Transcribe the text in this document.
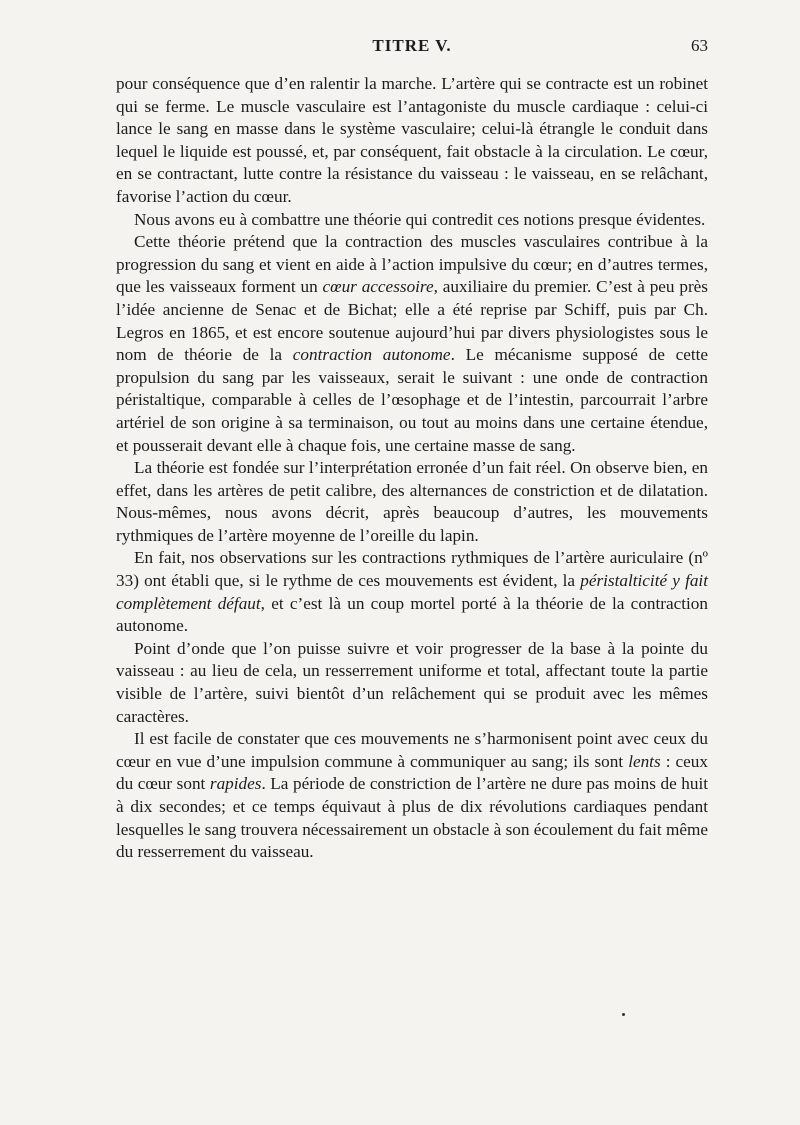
TITRE V.	63

pour conséquence que d’en ralentir la marche. L’artère qui se contracte est un robinet qui se ferme. Le muscle vasculaire est l’antagoniste du muscle cardiaque : celui-ci lance le sang en masse dans le système vasculaire; celui-là étrangle le conduit dans lequel le liquide est poussé, et, par conséquent, fait obstacle à la circulation. Le cœur, en se contractant, lutte contre la résistance du vaisseau : le vaisseau, en se relâchant, favorise l’action du cœur.

Nous avons eu à combattre une théorie qui contredit ces notions presque évidentes.

Cette théorie prétend que la contraction des muscles vasculaires contribue à la progression du sang et vient en aide à l’action impulsive du cœur; en d’autres termes, que les vaisseaux forment un cœur accessoire, auxiliaire du premier. C’est à peu près l’idée ancienne de Senac et de Bichat; elle a été reprise par Schiff, puis par Ch. Legros en 1865, et est encore soutenue aujourd’hui par divers physiologistes sous le nom de théorie de la contraction autonome. Le mécanisme supposé de cette propulsion du sang par les vaisseaux, serait le suivant : une onde de contraction péristaltique, comparable à celles de l’œsophage et de l’intestin, parcourrait l’arbre artériel de son origine à sa terminaison, ou tout au moins dans une certaine étendue, et pousserait devant elle à chaque fois, une certaine masse de sang.

La théorie est fondée sur l’interprétation erronée d’un fait réel. On observe bien, en effet, dans les artères de petit calibre, des alternances de constriction et de dilatation. Nous-mêmes, nous avons décrit, après beaucoup d’autres, les mouvements rythmiques de l’artère moyenne de l’oreille du lapin.

En fait, nos observations sur les contractions rythmiques de l’artère auriculaire (nº 33) ont établi que, si le rythme de ces mouvements est évident, la péristalticité y fait complètement défaut, et c’est là un coup mortel porté à la théorie de la contraction autonome.

Point d’onde que l’on puisse suivre et voir progresser de la base à la pointe du vaisseau : au lieu de cela, un resserrement uniforme et total, affectant toute la partie visible de l’artère, suivi bientôt d’un relâchement qui se produit avec les mêmes caractères.

Il est facile de constater que ces mouvements ne s’harmonisent point avec ceux du cœur en vue d’une impulsion commune à communiquer au sang; ils sont lents : ceux du cœur sont rapides. La période de constriction de l’artère ne dure pas moins de huit à dix secondes; et ce temps équivaut à plus de dix révolutions cardiaques pendant lesquelles le sang trouvera nécessairement un obstacle à son écoulement du fait même du resserrement du vaisseau.
